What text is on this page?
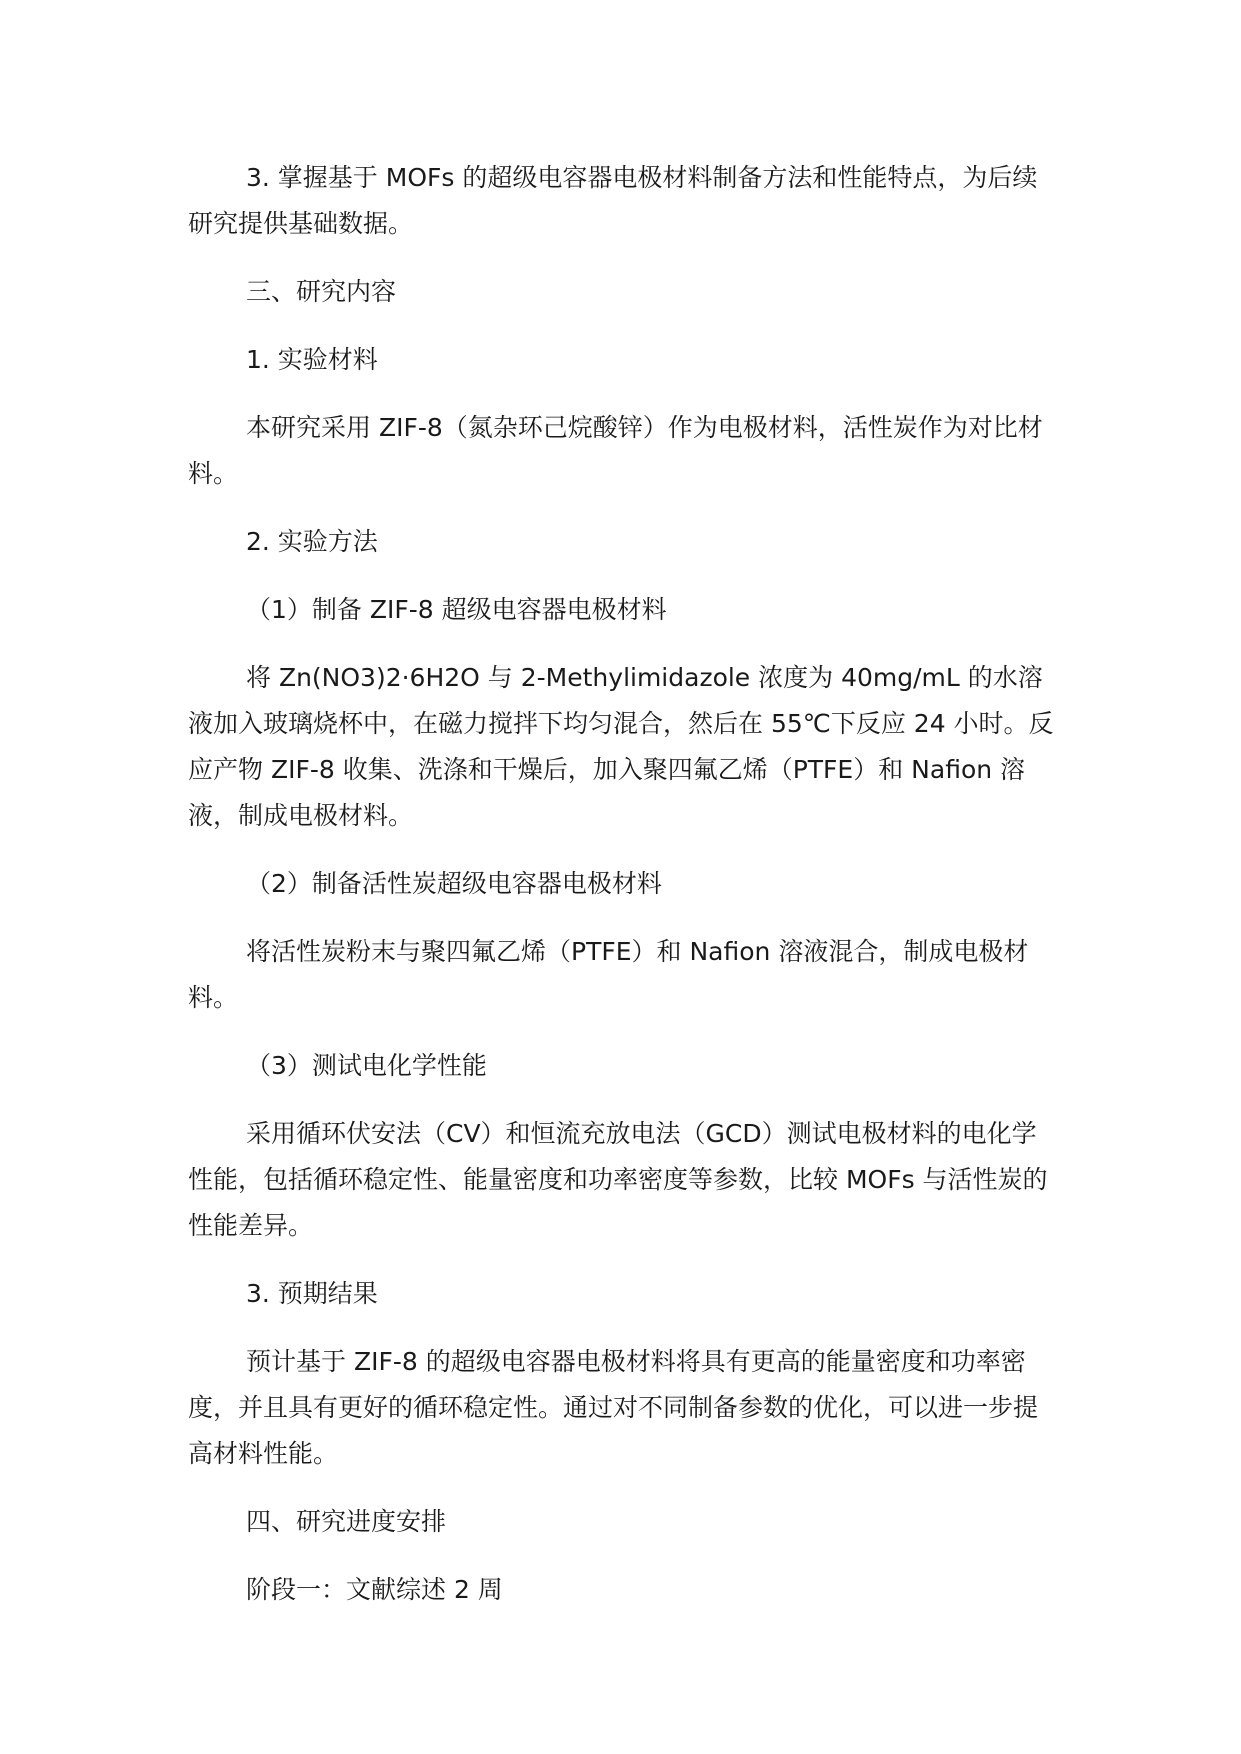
3. 掌握基于 MOFs 的超级电容器电极材料制备方法和性能特点，为后续研究提供基础数据。

三、研究内容

1. 实验材料

本研究采用 ZIF-8（氮杂环己烷酸锌）作为电极材料，活性炭作为对比材料。

2. 实验方法

（1）制备 ZIF-8 超级电容器电极材料

将 Zn(NO3)2·6H2O 与 2-Methylimidazole 浓度为 40mg/mL 的水溶液加入玻璃烧杯中，在磁力搅拌下均匀混合，然后在 55℃下反应 24 小时。反应产物 ZIF-8 收集、洗涤和干燥后，加入聚四氟乙烯（PTFE）和 Nafion 溶液，制成电极材料。

（2）制备活性炭超级电容器电极材料

将活性炭粉末与聚四氟乙烯（PTFE）和 Nafion 溶液混合，制成电极材料。

（3）测试电化学性能

采用循环伏安法（CV）和恒流充放电法（GCD）测试电极材料的电化学性能，包括循环稳定性、能量密度和功率密度等参数，比较 MOFs 与活性炭的性能差异。

3. 预期结果

预计基于 ZIF-8 的超级电容器电极材料将具有更高的能量密度和功率密度，并且具有更好的循环稳定性。通过对不同制备参数的优化，可以进一步提高材料性能。

四、研究进度安排

阶段一：文献综述 2 周
